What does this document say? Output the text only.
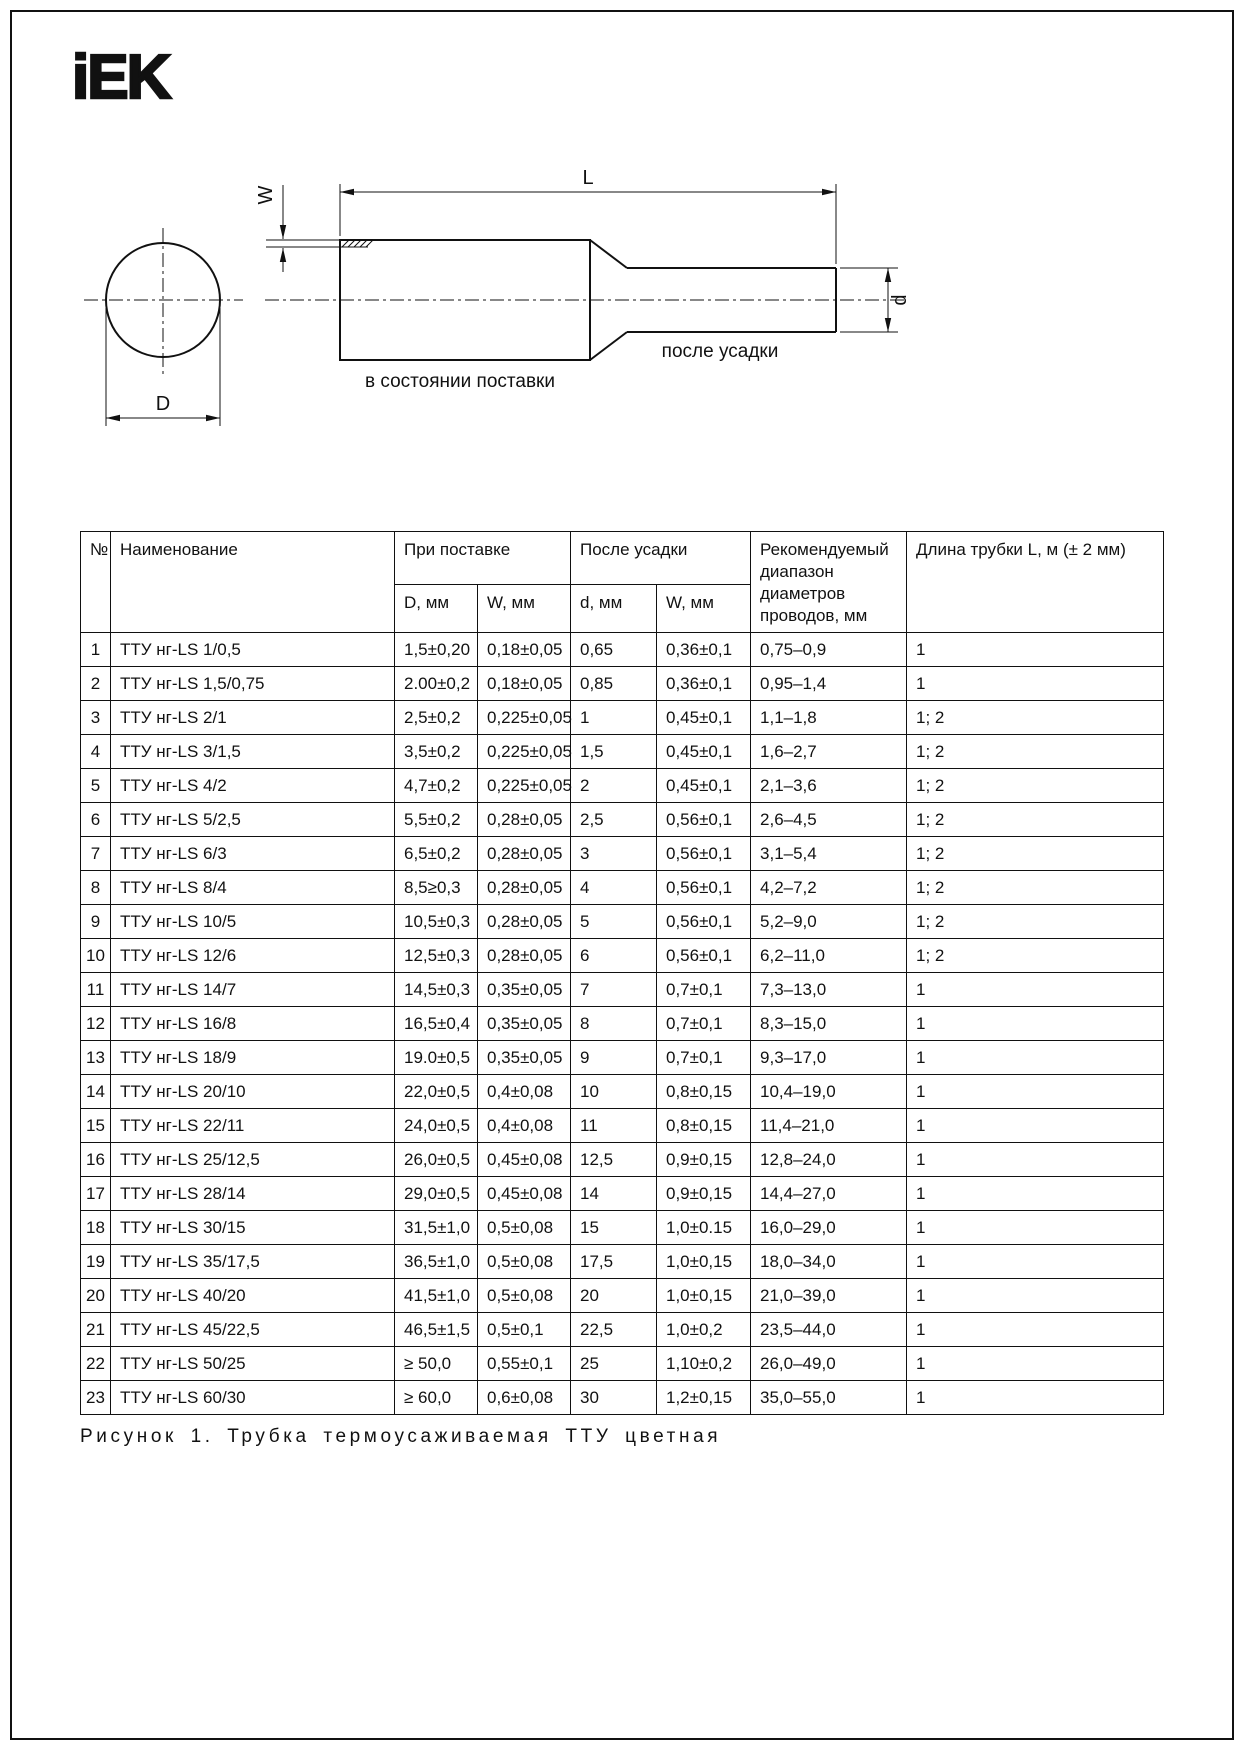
iEK
D
W
L
d
в состоянии поставки
после усадки
№	Наименование	При поставке		После усадки		Рекомендуемый диапазон диаметров проводов, мм	Длина трубки L, м (± 2 мм)
		D, мм	W, мм	d, мм	W, мм		
1	ТТУ нг-LS 1/0,5	1,5±0,20	0,18±0,05	0,65	0,36±0,1	0,75–0,9	1
2	ТТУ нг-LS 1,5/0,75	2.00±0,2	0,18±0,05	0,85	0,36±0,1	0,95–1,4	1
3	ТТУ нг-LS 2/1	2,5±0,2	0,225±0,05	1	0,45±0,1	1,1–1,8	1; 2
4	ТТУ нг-LS 3/1,5	3,5±0,2	0,225±0,05	1,5	0,45±0,1	1,6–2,7	1; 2
5	ТТУ нг-LS 4/2	4,7±0,2	0,225±0,05	2	0,45±0,1	2,1–3,6	1; 2
6	ТТУ нг-LS 5/2,5	5,5±0,2	0,28±0,05	2,5	0,56±0,1	2,6–4,5	1; 2
7	ТТУ нг-LS 6/3	6,5±0,2	0,28±0,05	3	0,56±0,1	3,1–5,4	1; 2
8	ТТУ нг-LS 8/4	8,5≥0,3	0,28±0,05	4	0,56±0,1	4,2–7,2	1; 2
9	ТТУ нг-LS 10/5	10,5±0,3	0,28±0,05	5	0,56±0,1	5,2–9,0	1; 2
10	ТТУ нг-LS 12/6	12,5±0,3	0,28±0,05	6	0,56±0,1	6,2–11,0	1; 2
11	ТТУ нг-LS 14/7	14,5±0,3	0,35±0,05	7	0,7±0,1	7,3–13,0	1
12	ТТУ нг-LS 16/8	16,5±0,4	0,35±0,05	8	0,7±0,1	8,3–15,0	1
13	ТТУ нг-LS 18/9	19.0±0,5	0,35±0,05	9	0,7±0,1	9,3–17,0	1
14	ТТУ нг-LS 20/10	22,0±0,5	0,4±0,08	10	0,8±0,15	10,4–19,0	1
15	ТТУ нг-LS 22/11	24,0±0,5	0,4±0,08	11	0,8±0,15	11,4–21,0	1
16	ТТУ нг-LS 25/12,5	26,0±0,5	0,45±0,08	12,5	0,9±0,15	12,8–24,0	1
17	ТТУ нг-LS 28/14	29,0±0,5	0,45±0,08	14	0,9±0,15	14,4–27,0	1
18	ТТУ нг-LS 30/15	31,5±1,0	0,5±0,08	15	1,0±0.15	16,0–29,0	1
19	ТТУ нг-LS 35/17,5	36,5±1,0	0,5±0,08	17,5	1,0±0,15	18,0–34,0	1
20	ТТУ нг-LS 40/20	41,5±1,0	0,5±0,08	20	1,0±0,15	21,0–39,0	1
21	ТТУ нг-LS 45/22,5	46,5±1,5	0,5±0,1	22,5	1,0±0,2	23,5–44,0	1
22	ТТУ нг-LS 50/25	≥ 50,0	0,55±0,1	25	1,10±0,2	26,0–49,0	1
23	ТТУ нг-LS 60/30	≥ 60,0	0,6±0,08	30	1,2±0,15	35,0–55,0	1
Рисунок 1. Трубка термоусаживаемая ТТУ цветная
